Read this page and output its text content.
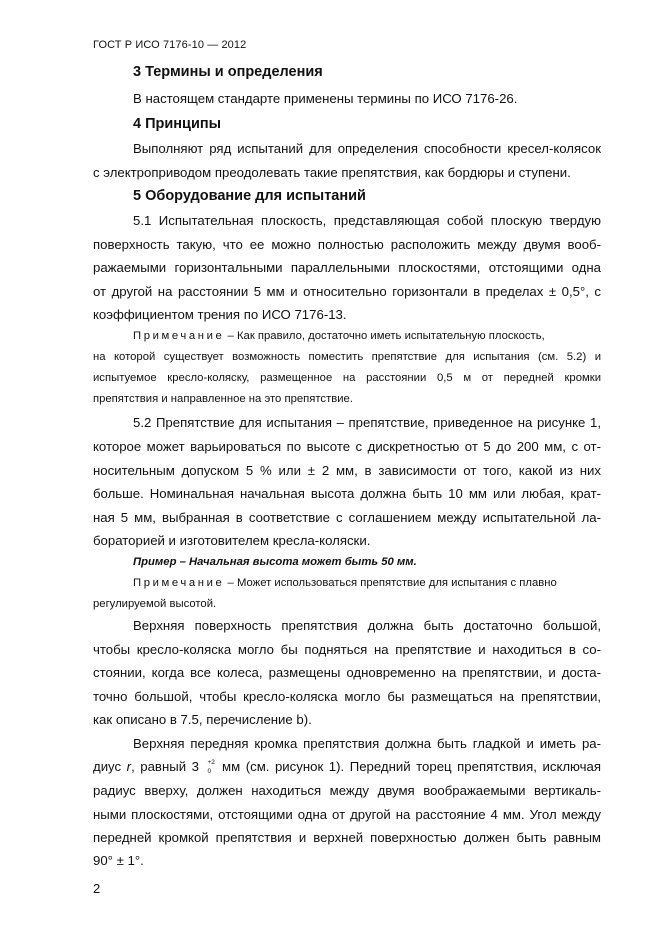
ГОСТ Р ИСО 7176-10 — 2012
3 Термины и определения
В настоящем стандарте применены термины по ИСО 7176-26.
4 Принципы
Выполняют ряд испытаний для определения способности кресел-колясок
с электроприводом преодолевать такие препятствия, как бордюры и ступени.
5 Оборудование для испытаний
5.1 Испытательная плоскость, представляющая собой плоскую твердую
поверхность такую, что ее можно полностью расположить между двумя вооб-
ражаемыми горизонтальными параллельными плоскостями, отстоящими одна
от другой на расстоянии 5 мм и относительно горизонтали в пределах ± 0,5°, с
коэффициентом трения по ИСО 7176-13.
Примечание – Как правило, достаточно иметь испытательную плоскость,
на которой существует возможность поместить препятствие для испытания (см. 5.2) и
испытуемое кресло-коляску, размещенное на расстоянии 0,5 м от передней кромки
препятствия и направленное на это препятствие.
5.2 Препятствие для испытания – препятствие, приведенное на рисунке 1,
которое может варьироваться по высоте с дискретностью от 5 до 200 мм, с от-
носительным допуском 5 % или ± 2 мм, в зависимости от того, какой из них
больше. Номинальная начальная высота должна быть 10 мм или любая, крат-
ная 5 мм, выбранная в соответствие с соглашением между испытательной ла-
бораторией и изготовителем кресла-коляски.
Пример – Начальная высота может быть 50 мм.
Примечание – Может использоваться препятствие для испытания с плавно
регулируемой высотой.
Верхняя поверхность препятствия должна быть достаточно большой,
чтобы кресло-коляска могло бы подняться на препятствие и находиться в со-
стоянии, когда все колеса, размещены одновременно на препятствии, и доста-
точно большой, чтобы кресло-коляска могло бы размещаться на препятствии,
как описано в 7.5, перечисление b).
Верхняя передняя кромка препятствия должна быть гладкой и иметь ра-
диус r, равный 3 +2
0 мм (см. рисунок 1). Передний торец препятствия, исключая
радиус вверху, должен находиться между двумя воображаемыми вертикаль-
ными плоскостями, отстоящими одна от другой на расстояние 4 мм. Угол между
передней кромкой препятствия и верхней поверхностью должен быть равным
90° ± 1°.
2
